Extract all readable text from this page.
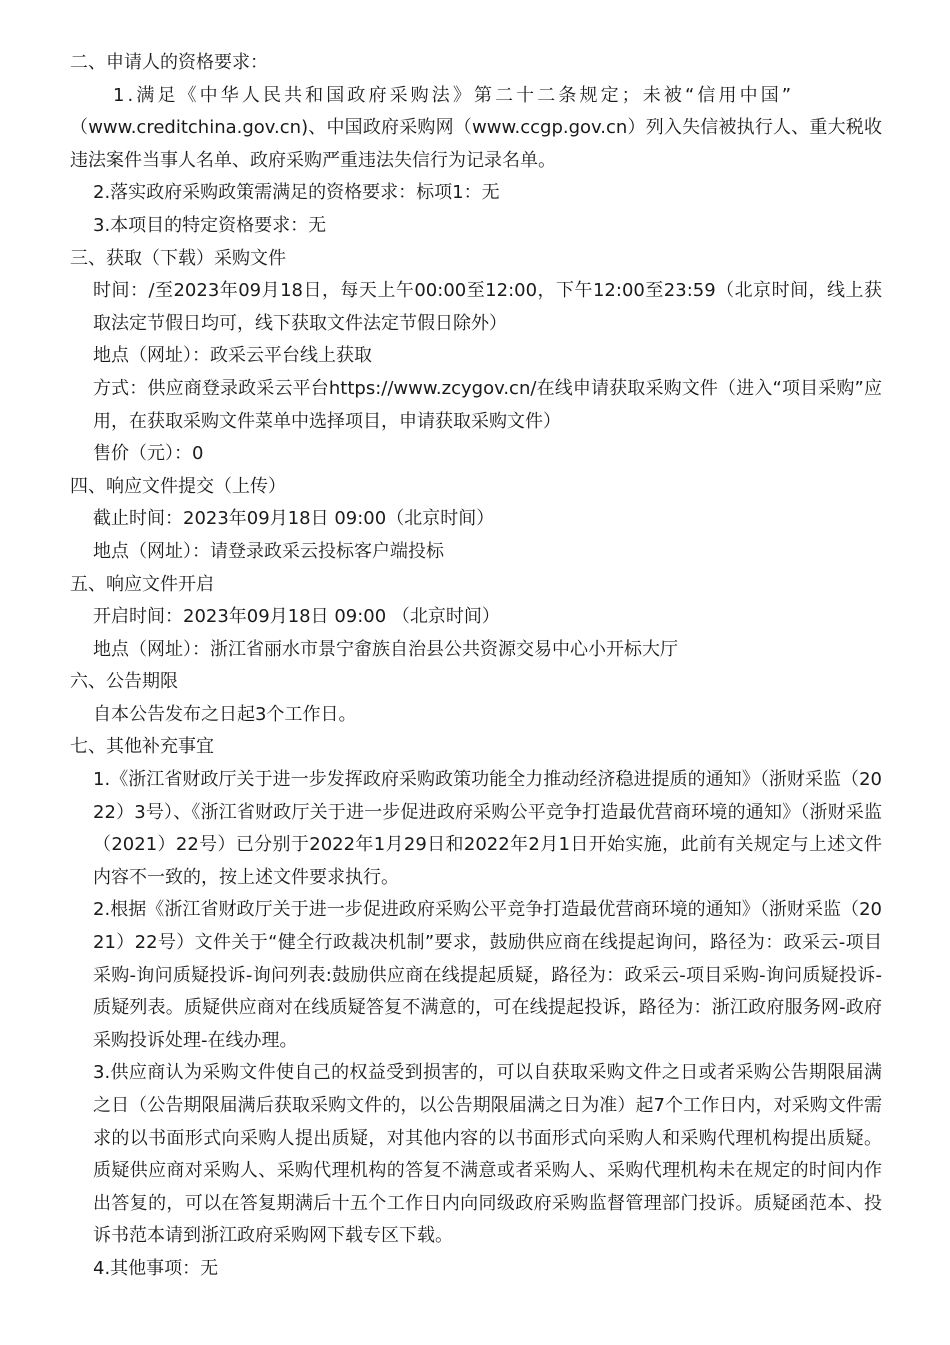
二、申请人的资格要求：
1.满足《中华人民共和国政府采购法》第二十二条规定；未被“信用中国”
（www.creditchina.gov.cn)、中国政府采购网（www.ccgp.gov.cn）列入失信被执行人、重大税收违法案件当事人名单、政府采购严重违法失信行为记录名单。
2.落实政府采购政策需满足的资格要求：标项1：无
3.本项目的特定资格要求：无
三、获取（下载）采购文件
时间：/至2023年09月18日，每天上午00:00至12:00，下午12:00至23:59（北京时间，线上获取法定节假日均可，线下获取文件法定节假日除外）
地点（网址）：政采云平台线上获取
方式：供应商登录政采云平台https://www.zcygov.cn/在线申请获取采购文件（进入“项目采购”应用，在获取采购文件菜单中选择项目，申请获取采购文件）
售价（元）：0
四、响应文件提交（上传）
截止时间：2023年09月18日 09:00（北京时间）
地点（网址）：请登录政采云投标客户端投标
五、响应文件开启
开启时间：2023年09月18日 09:00 （北京时间）
地点（网址）：浙江省丽水市景宁畲族自治县公共资源交易中心小开标大厅
六、公告期限
自本公告发布之日起3个工作日。
七、其他补充事宜
1.《浙江省财政厅关于进一步发挥政府采购政策功能全力推动经济稳进提质的通知》（浙财采监（2022）3号）、《浙江省财政厅关于进一步促进政府采购公平竞争打造最优营商环境的通知》（浙财采监（2021）22号）已分别于2022年1月29日和2022年2月1日开始实施，此前有关规定与上述文件内容不一致的，按上述文件要求执行。
2.根据《浙江省财政厅关于进一步促进政府采购公平竞争打造最优营商环境的通知》（浙财采监（2021）22号）文件关于“健全行政裁决机制”要求，鼓励供应商在线提起询问，路径为：政采云-项目采购-询问质疑投诉-询问列表:鼓励供应商在线提起质疑，路径为：政采云-项目采购-询问质疑投诉-质疑列表。质疑供应商对在线质疑答复不满意的，可在线提起投诉，路径为：浙江政府服务网-政府采购投诉处理-在线办理。
3.供应商认为采购文件使自己的权益受到损害的，可以自获取采购文件之日或者采购公告期限届满之日（公告期限届满后获取采购文件的，以公告期限届满之日为准）起7个工作日内，对采购文件需求的以书面形式向采购人提出质疑，对其他内容的以书面形式向采购人和采购代理机构提出质疑。质疑供应商对采购人、采购代理机构的答复不满意或者采购人、采购代理机构未在规定的时间内作出答复的，可以在答复期满后十五个工作日内向同级政府采购监督管理部门投诉。质疑函范本、投诉书范本请到浙江政府采购网下载专区下载。
4.其他事项：无
